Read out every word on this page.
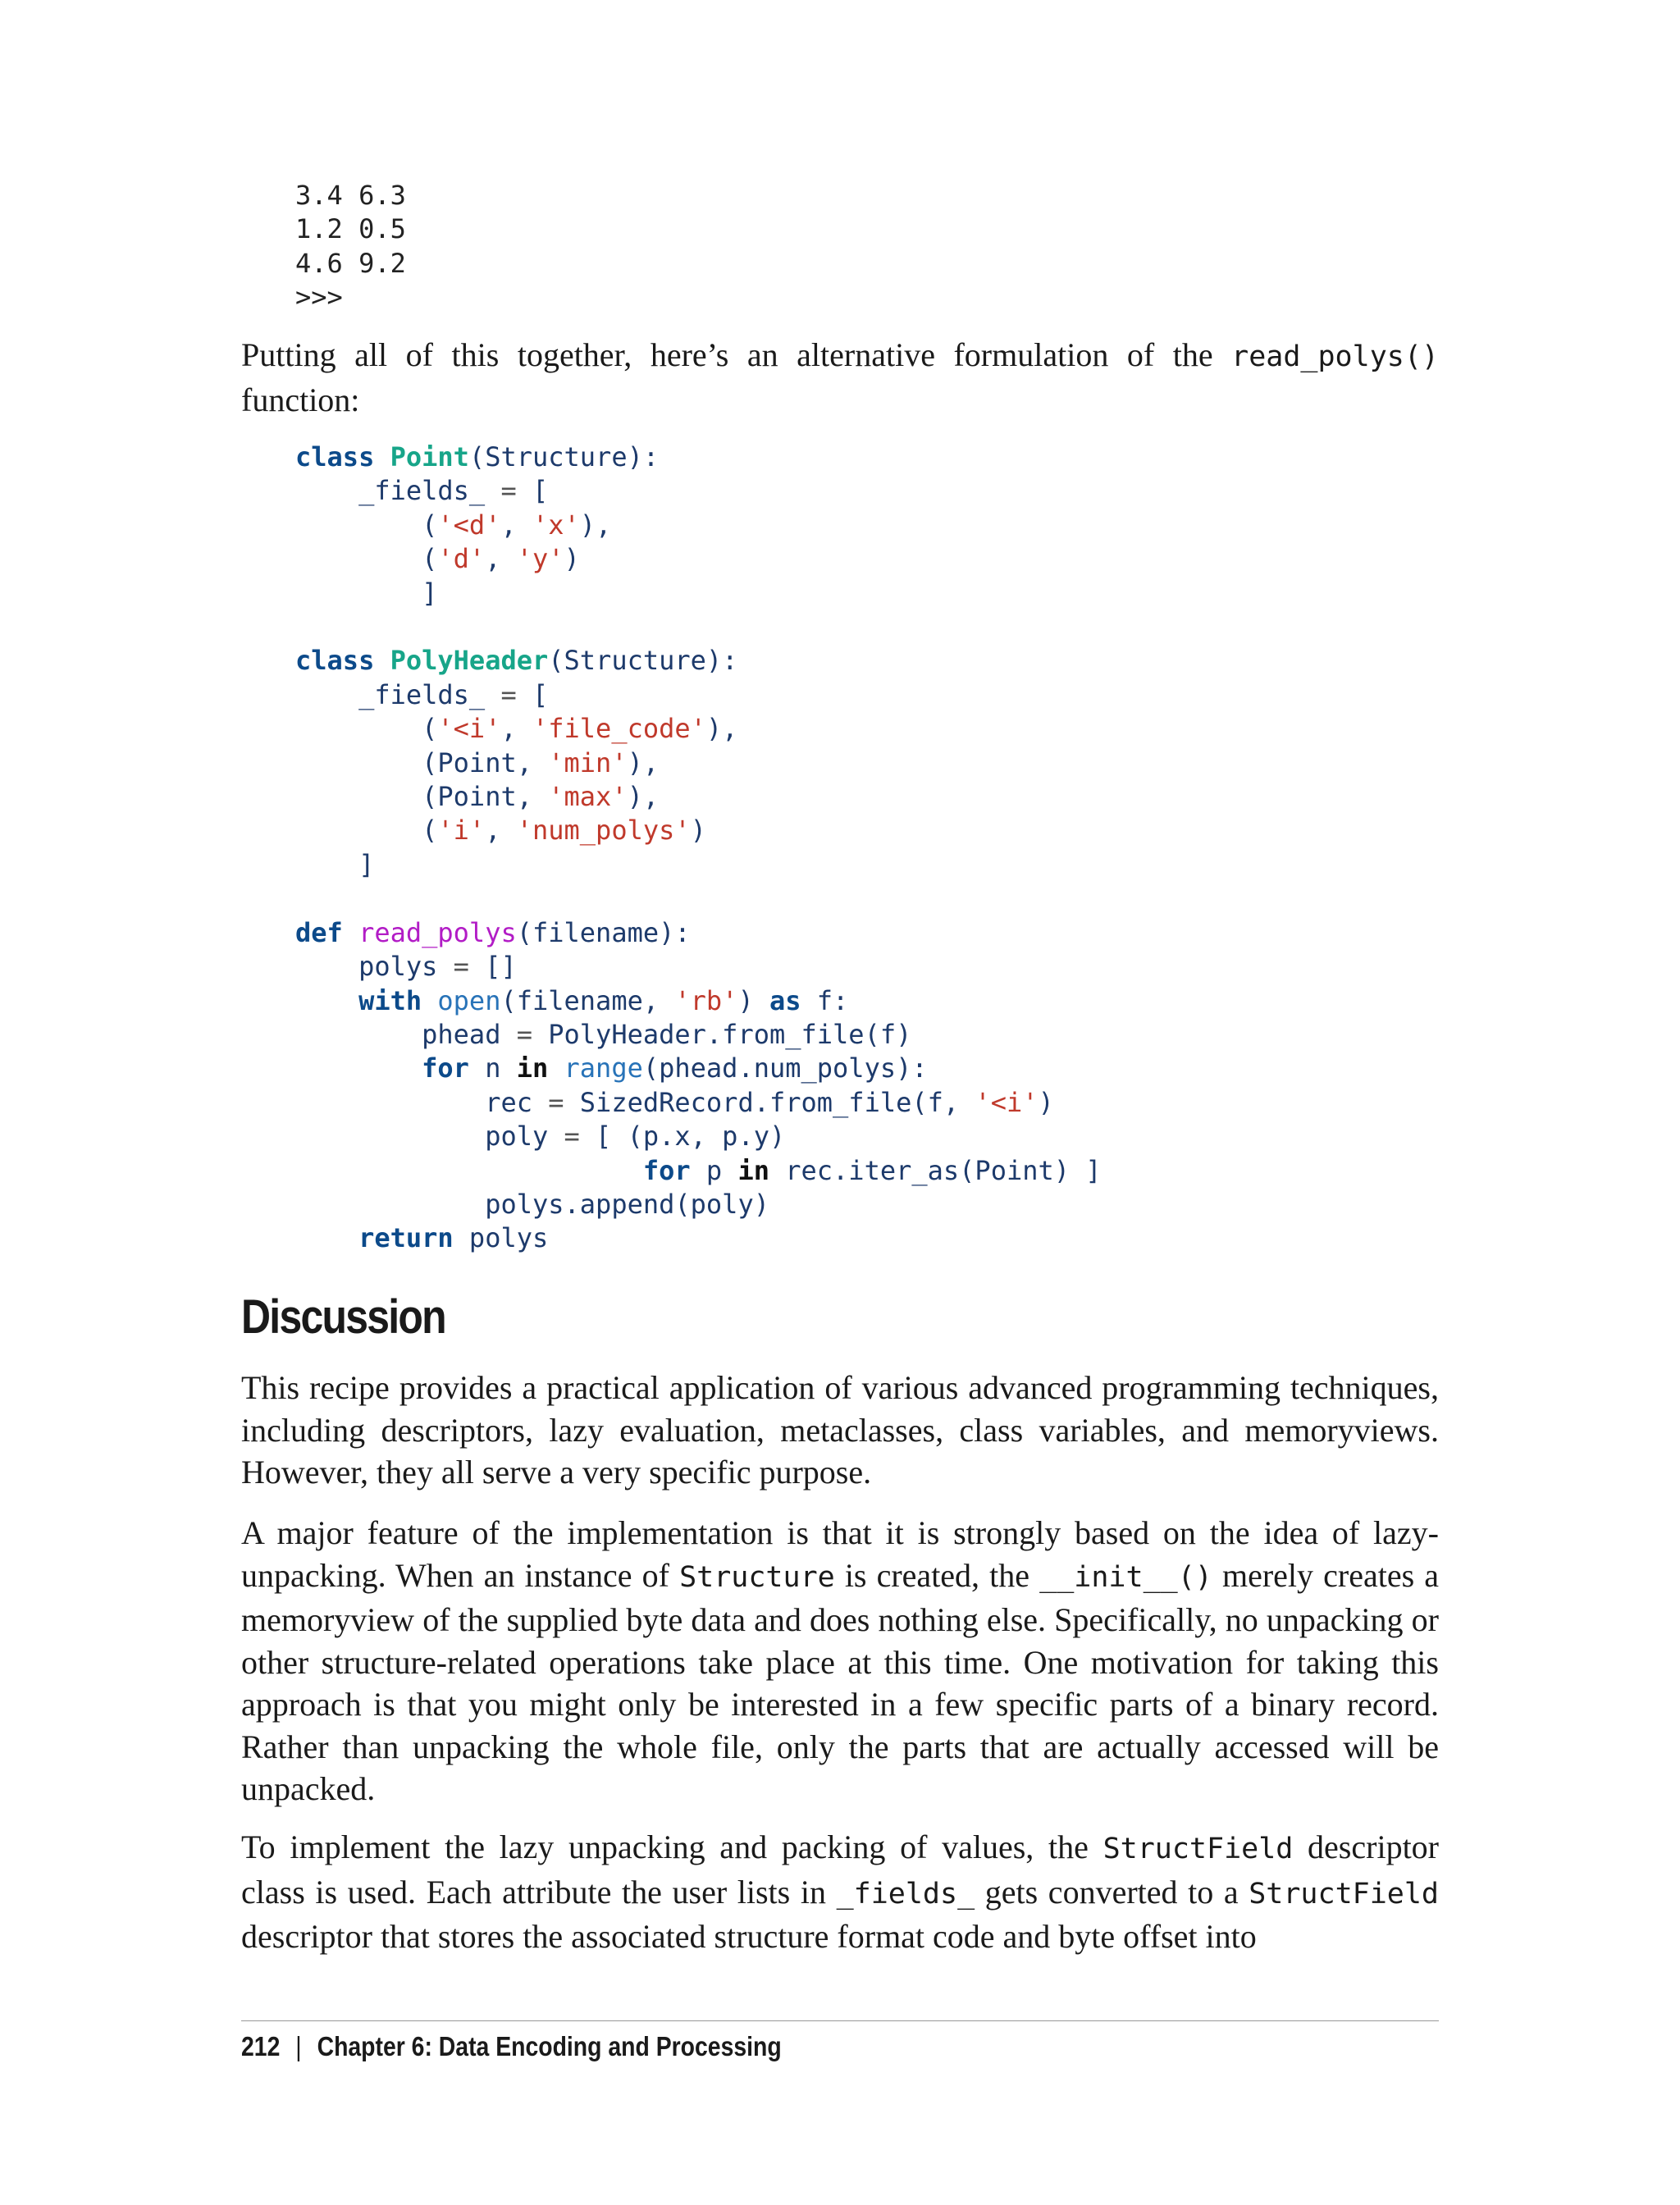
3.4 6.3
1.2 0.5
4.6 9.2
>>>

Putting all of this together, here’s an alternative formulation of the read_polys() function:

class Point(Structure):
_fields_ = [
('<d', 'x'),
('d', 'y')
]

class PolyHeader(Structure):
_fields_ = [
('<i', 'file_code'),
(Point, 'min'),
(Point, 'max'),
('i', 'num_polys')
]

def read_polys(filename):
polys = []
with open(filename, 'rb') as f:
phead = PolyHeader.from_file(f)
for n in range(phead.num_polys):
rec = SizedRecord.from_file(f, '<i')
poly = [ (p.x, p.y)
for p in rec.iter_as(Point) ]
polys.append(poly)
return polys
Discussion

This recipe provides a practical application of various advanced programming techniques, including descriptors, lazy evaluation, metaclasses, class variables, and memoryviews. However, they all serve a very specific purpose.

A major feature of the implementation is that it is strongly based on the idea of lazy-unpacking. When an instance of Structure is created, the __init__() merely creates a memoryview of the supplied byte data and does nothing else. Specifically, no unpacking or other structure-related operations take place at this time. One motivation for taking this approach is that you might only be interested in a few specific parts of a binary record. Rather than unpacking the whole file, only the parts that are actually accessed will be unpacked.

To implement the lazy unpacking and packing of values, the StructField descriptor class is used. Each attribute the user lists in _fields_ gets converted to a StructField descriptor that stores the associated structure format code and byte offset into

212 | Chapter 6: Data Encoding and Processing
